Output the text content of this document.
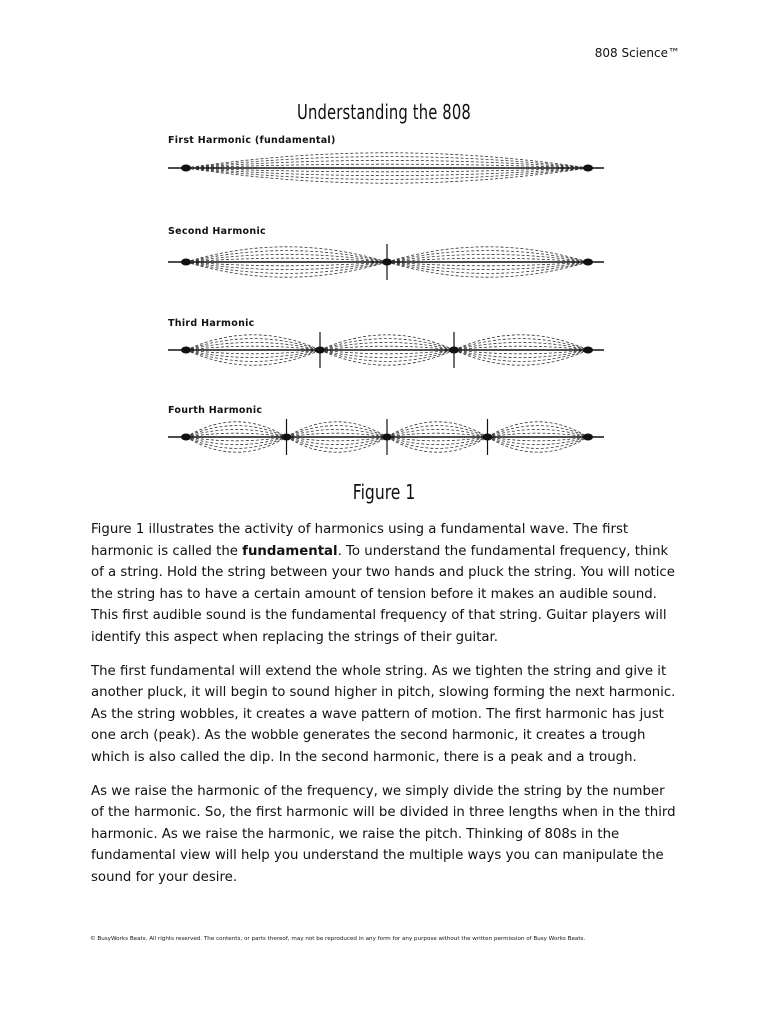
808 Science™
Understanding the 808
First Harmonic (fundamental)
Second Harmonic
Third Harmonic
Fourth Harmonic
Figure 1

Figure 1 illustrates the activity of harmonics using a fundamental wave. The first harmonic is called the fundamental. To understand the fundamental frequency, think of a string. Hold the string between your two hands and pluck the string. You will notice the string has to have a certain amount of tension before it makes an audible sound. This first audible sound is the fundamental frequency of that string. Guitar players will identify this aspect when replacing the strings of their guitar.

The first fundamental will extend the whole string. As we tighten the string and give it another pluck, it will begin to sound higher in pitch, slowing forming the next harmonic. As the string wobbles, it creates a wave pattern of motion. The first harmonic has just one arch (peak). As the wobble generates the second harmonic, it creates a trough which is also called the dip. In the second harmonic, there is a peak and a trough.

As we raise the harmonic of the frequency, we simply divide the string by the number of the harmonic. So, the first harmonic will be divided in three lengths when in the third harmonic. As we raise the harmonic, we raise the pitch. Thinking of 808s in the fundamental view will help you understand the multiple ways you can manipulate the sound for your desire.

© BusyWorks Beats. All rights reserved. The contents, or parts thereof, may not be reproduced in any form for any purpose without the written permission of Busy Works Beats.
